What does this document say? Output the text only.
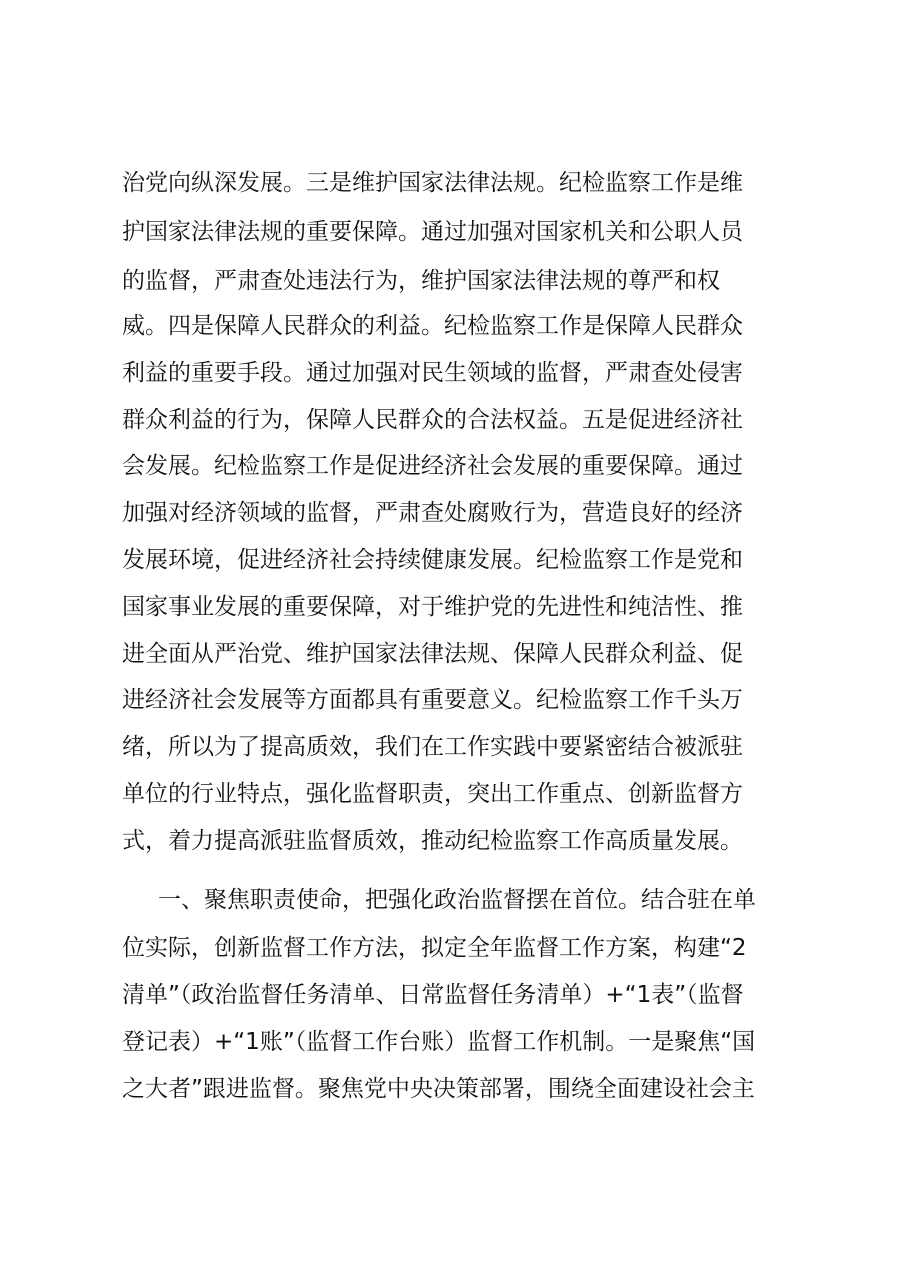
治党向纵深发展。三是维护国家法律法规。纪检监察工作是维

护国家法律法规的重要保障。通过加强对国家机关和公职人员

的监督，严肃查处违法行为，维护国家法律法规的尊严和权

威。四是保障人民群众的利益。纪检监察工作是保障人民群众

利益的重要手段。通过加强对民生领域的监督，严肃查处侵害

群众利益的行为，保障人民群众的合法权益。五是促进经济社

会发展。纪检监察工作是促进经济社会发展的重要保障。通过

加强对经济领域的监督，严肃查处腐败行为，营造良好的经济

发展环境，促进经济社会持续健康发展。纪检监察工作是党和

国家事业发展的重要保障，对于维护党的先进性和纯洁性、推

进全面从严治党、维护国家法律法规、保障人民群众利益、促

进经济社会发展等方面都具有重要意义。纪检监察工作千头万

绪，所以为了提高质效，我们在工作实践中要紧密结合被派驻

单位的行业特点，强化监督职责，突出工作重点、创新监督方

式，着力提高派驻监督质效，推动纪检监察工作高质量发展。

一、聚焦职责使命，把强化政治监督摆在首位。结合驻在单

位实际，创新监督工作方法，拟定全年监督工作方案，构建“2

清单”（政治监督任务清单、日常监督任务清单）+“1表”（监督

登记表）+“1账”（监督工作台账）监督工作机制。一是聚焦“国

之大者”跟进监督。聚焦党中央决策部署，围绕全面建设社会主
